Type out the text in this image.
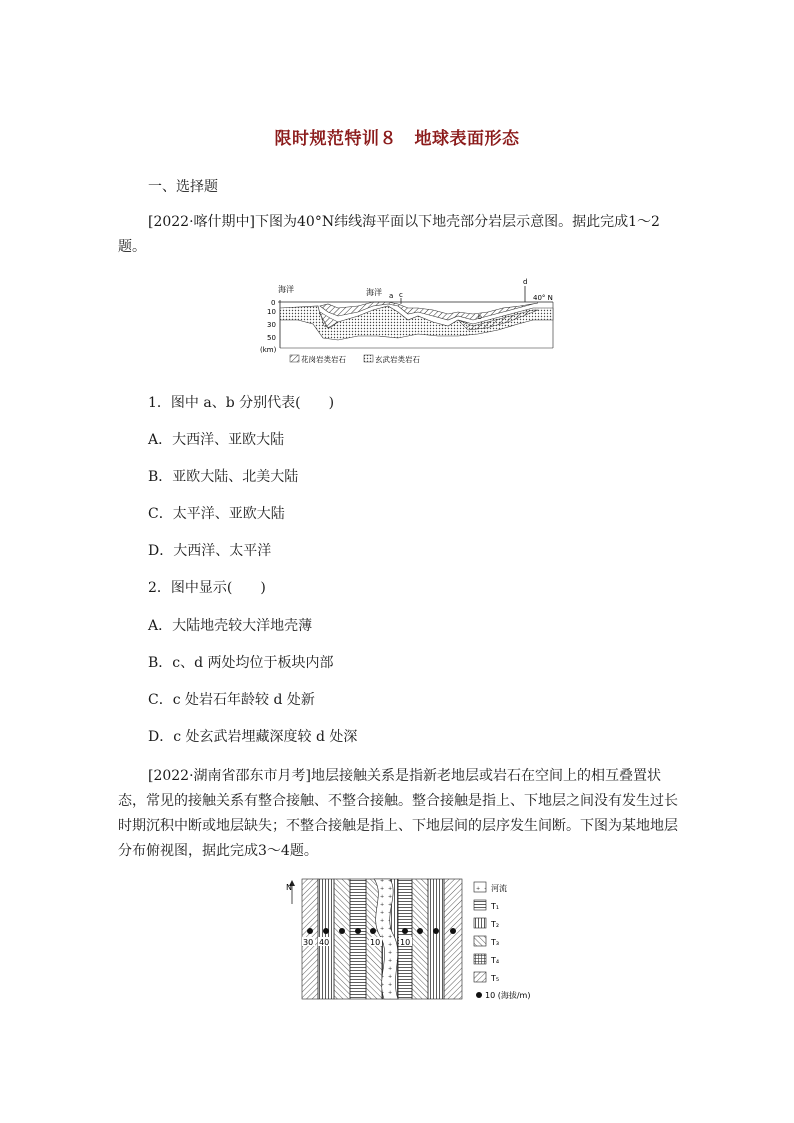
限时规范特训８　地球表面形态
一、选择题
[2022·喀什期中]下图为40°N纬线海平面以下地壳部分岩层示意图。据此完成1～2题。
海洋	海洋 a c
d
b
40° N
0
10
30
50
(km)
花岗岩类岩石	玄武岩类岩石
1．图中 a、b 分别代表(　　)
A．大西洋、亚欧大陆
B．亚欧大陆、北美大陆
C．太平洋、亚欧大陆
D．大西洋、太平洋
2．图中显示(　　)
A．大陆地壳较大洋地壳薄
B．c、d 两处均位于板块内部
C．c 处岩石年龄较 d 处新
D．c 处玄武岩埋藏深度较 d 处深
[2022·湖南省邵东市月考]地层接触关系是指新老地层或岩石在空间上的相互叠置状态，常见的接触关系有整合接触、不整合接触。整合接触是指上、下地层之间没有发生过长时期沉积中断或地层缺失；不整合接触是指上、下地层间的层序发生间断。下图为某地地层分布俯视图，据此完成3～4题。
N
30 40	10 10
河流
T₁
T₂
T₃
T₄
T₅
10 (海拔/m)
